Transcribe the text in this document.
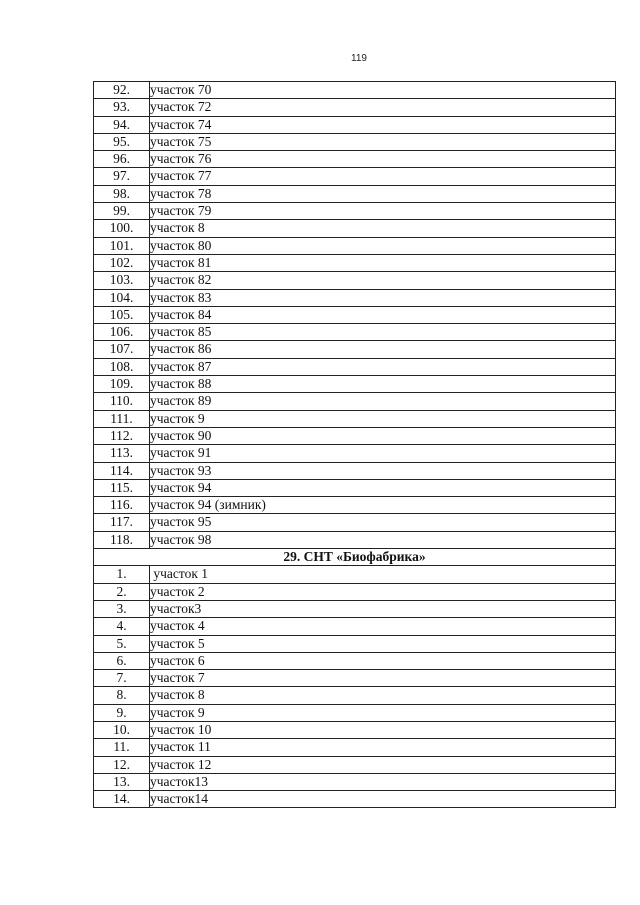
119
92.	участок 70
93.	участок 72
94.	участок 74
95.	участок 75
96.	участок 76
97.	участок 77
98.	участок 78
99.	участок 79
100.	участок 8
101.	участок 80
102.	участок 81
103.	участок 82
104.	участок 83
105.	участок 84
106.	участок 85
107.	участок 86
108.	участок 87
109.	участок 88
110.	участок 89
111.	участок 9
112.	участок 90
113.	участок 91
114.	участок 93
115.	участок 94
116.	участок 94 (зимник)
117.	участок 95
118.	участок 98
29. СНТ «Биофабрика»	
1.	участок 1
2.	участок 2
3.	участок3
4.	участок 4
5.	участок 5
6.	участок 6
7.	участок 7
8.	участок 8
9.	участок 9
10.	участок 10
11.	участок 11
12.	участок 12
13.	участок13
14.	участок14
